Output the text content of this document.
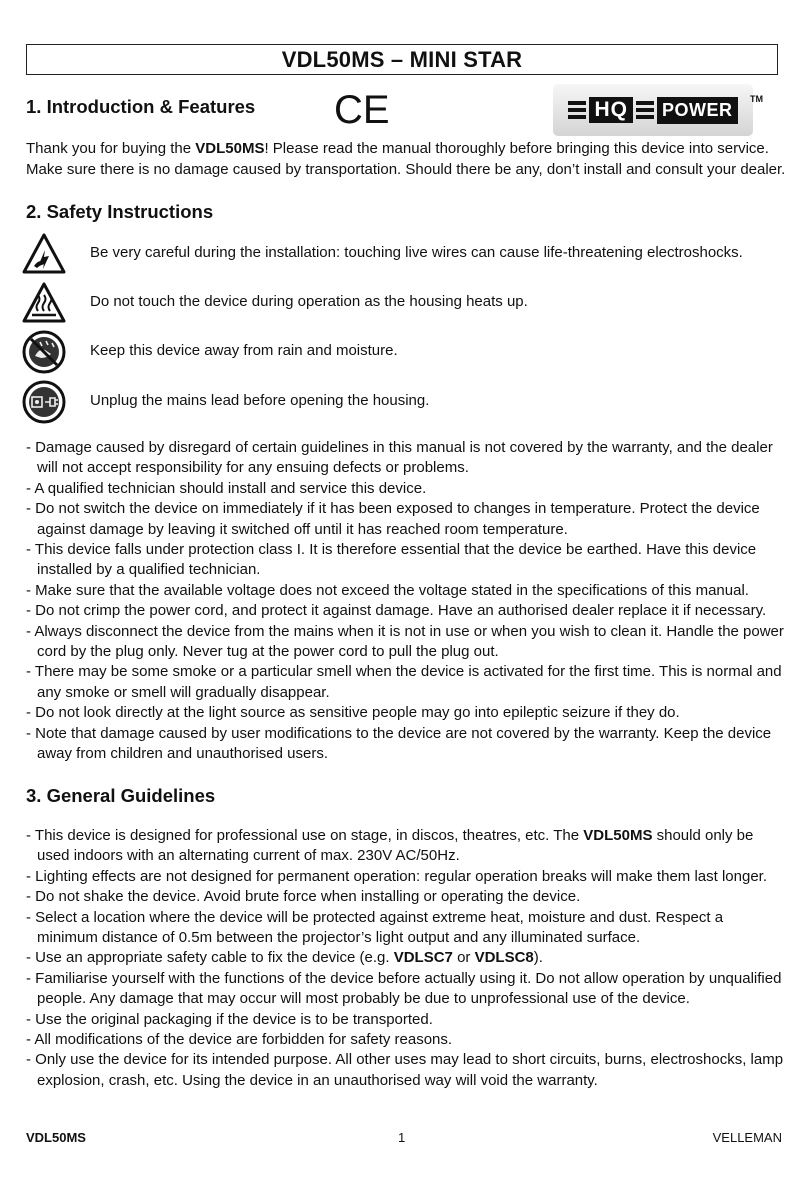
VDL50MS – MINI STAR
1. Introduction & Features CE	HQ POWER
TM

Thank you for buying the VDL50MS! Please read the manual thoroughly before bringing this device into service. Make sure there is no damage caused by transportation. Should there be any, don’t install and consult your dealer.

2. Safety Instructions
Be very careful during the installation: touching live wires can cause life-threatening electroshocks.
Do not touch the device during operation as the housing heats up.
Keep this device away from rain and moisture.
Unplug the mains lead before opening the housing.
- Damage caused by disregard of certain guidelines in this manual is not covered by the warranty, and the dealer will not accept responsibility for any ensuing defects or problems.
- A qualified technician should install and service this device.
- Do not switch the device on immediately if it has been exposed to changes in temperature. Protect the device against damage by leaving it switched off until it has reached room temperature.
- This device falls under protection class I. It is therefore essential that the device be earthed. Have this device installed by a qualified technician.
- Make sure that the available voltage does not exceed the voltage stated in the specifications of this manual.
- Do not crimp the power cord, and protect it against damage. Have an authorised dealer replace it if necessary.
- Always disconnect the device from the mains when it is not in use or when you wish to clean it. Handle the power cord by the plug only. Never tug at the power cord to pull the plug out.
- There may be some smoke or a particular smell when the device is activated for the first time. This is normal and any smoke or smell will gradually disappear.
- Do not look directly at the light source as sensitive people may go into epileptic seizure if they do.
- Note that damage caused by user modifications to the device are not covered by the warranty. Keep the device away from children and unauthorised users.
3. General Guidelines
- This device is designed for professional use on stage, in discos, theatres, etc. The VDL50MS should only be used indoors with an alternating current of max. 230V AC/50Hz.
- Lighting effects are not designed for permanent operation: regular operation breaks will make them last longer.
- Do not shake the device. Avoid brute force when installing or operating the device.
- Select a location where the device will be protected against extreme heat, moisture and dust. Respect a minimum distance of 0.5m between the projector’s light output and any illuminated surface.
- Use an appropriate safety cable to fix the device (e.g. VDLSC7 or VDLSC8).
- Familiarise yourself with the functions of the device before actually using it. Do not allow operation by unqualified people. Any damage that may occur will most probably be due to unprofessional use of the device.
- Use the original packaging if the device is to be transported.
- All modifications of the device are forbidden for safety reasons.
- Only use the device for its intended purpose. All other uses may lead to short circuits, burns, electroshocks, lamp explosion, crash, etc. Using the device in an unauthorised way will void the warranty.
VDL50MS	1	VELLEMAN
